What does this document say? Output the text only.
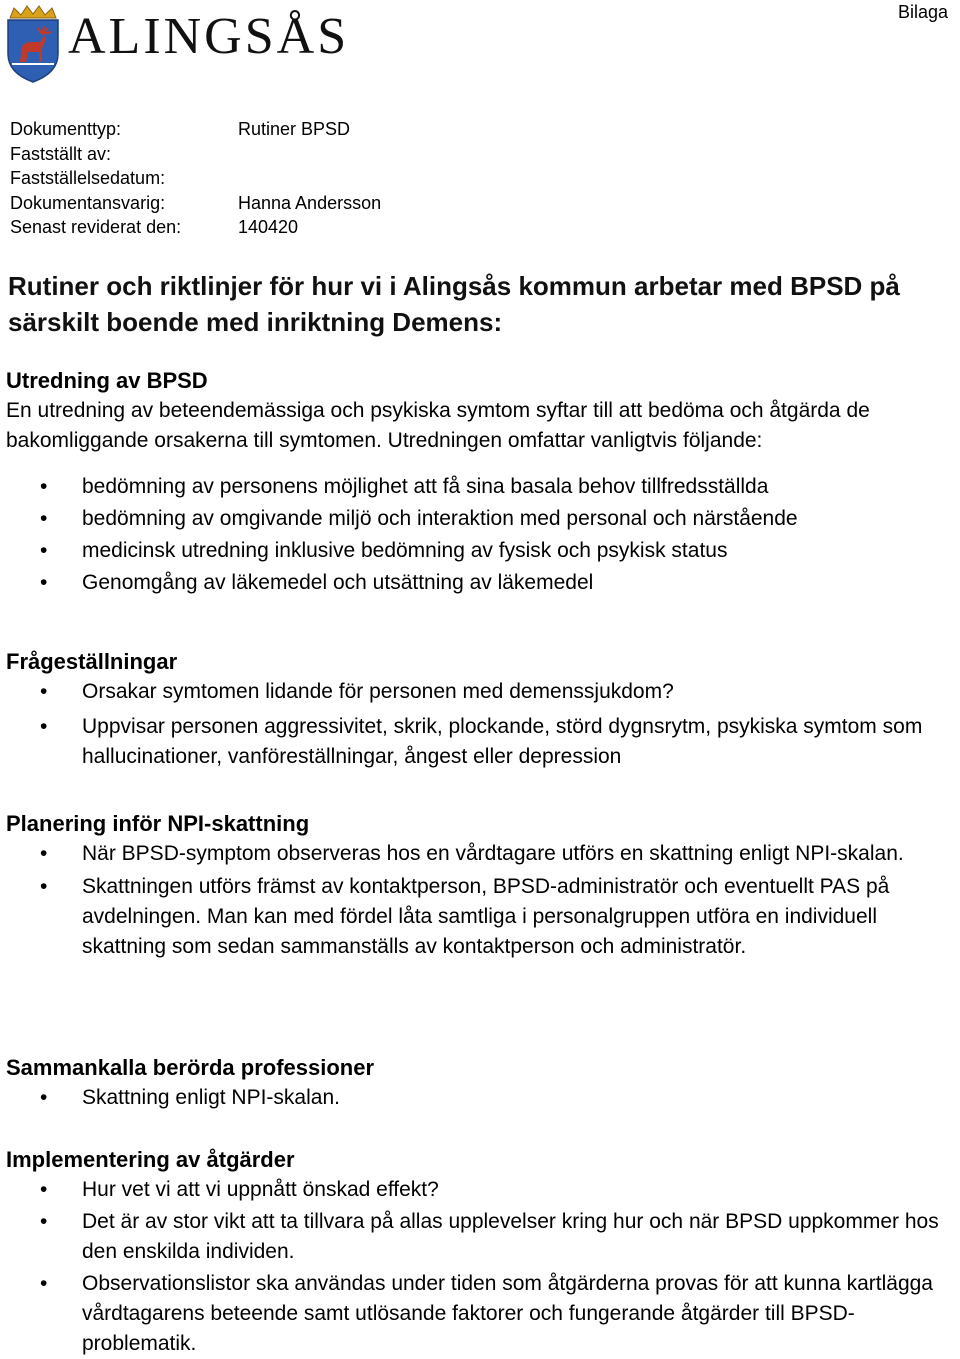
ALINGSÅS	Bilaga
Dokumenttyp:	Rutiner BPSD
Fastställt av:
Fastställelsedatum:
Dokumentansvarig:	Hanna Andersson
Senast reviderat den:	140420
Rutiner och riktlinjer för hur vi i Alingsås kommun arbetar med BPSD på särskilt boende med inriktning Demens:
Utredning av BPSD

En utredning av beteendemässiga och psykiska symtom syftar till att bedöma och åtgärda de bakomliggande orsakerna till symtomen. Utredningen omfattar vanligtvis följande:

• bedömning av personens möjlighet att få sina basala behov tillfredsställda
• bedömning av omgivande miljö och interaktion med personal och närstående
• medicinsk utredning inklusive bedömning av fysisk och psykisk status
• Genomgång av läkemedel och utsättning av läkemedel
Frågeställningar
• Orsakar symtomen lidande för personen med demenssjukdom?
• Uppvisar personen aggressivitet, skrik, plockande, störd dygnsrytm, psykiska symtom som hallucinationer, vanföreställningar, ångest eller depression
Planering inför NPI-skattning
• När BPSD-symptom observeras hos en vårdtagare utförs en skattning enligt NPI-skalan.
• Skattningen utförs främst av kontaktperson, BPSD-administratör och eventuellt PAS på avdelningen. Man kan med fördel låta samtliga i personalgruppen utföra en individuell skattning som sedan sammanställs av kontaktperson och administratör.
Sammankalla berörda professioner
• Skattning enligt NPI-skalan.
Implementering av åtgärder
• Hur vet vi att vi uppnått önskad effekt?
• Det är av stor vikt att ta tillvara på allas upplevelser kring hur och när BPSD uppkommer hos den enskilda individen.
• Observationslistor ska användas under tiden som åtgärderna provas för att kunna kartlägga vårdtagarens beteende samt utlösande faktorer och fungerande åtgärder till BPSD-problematik.
